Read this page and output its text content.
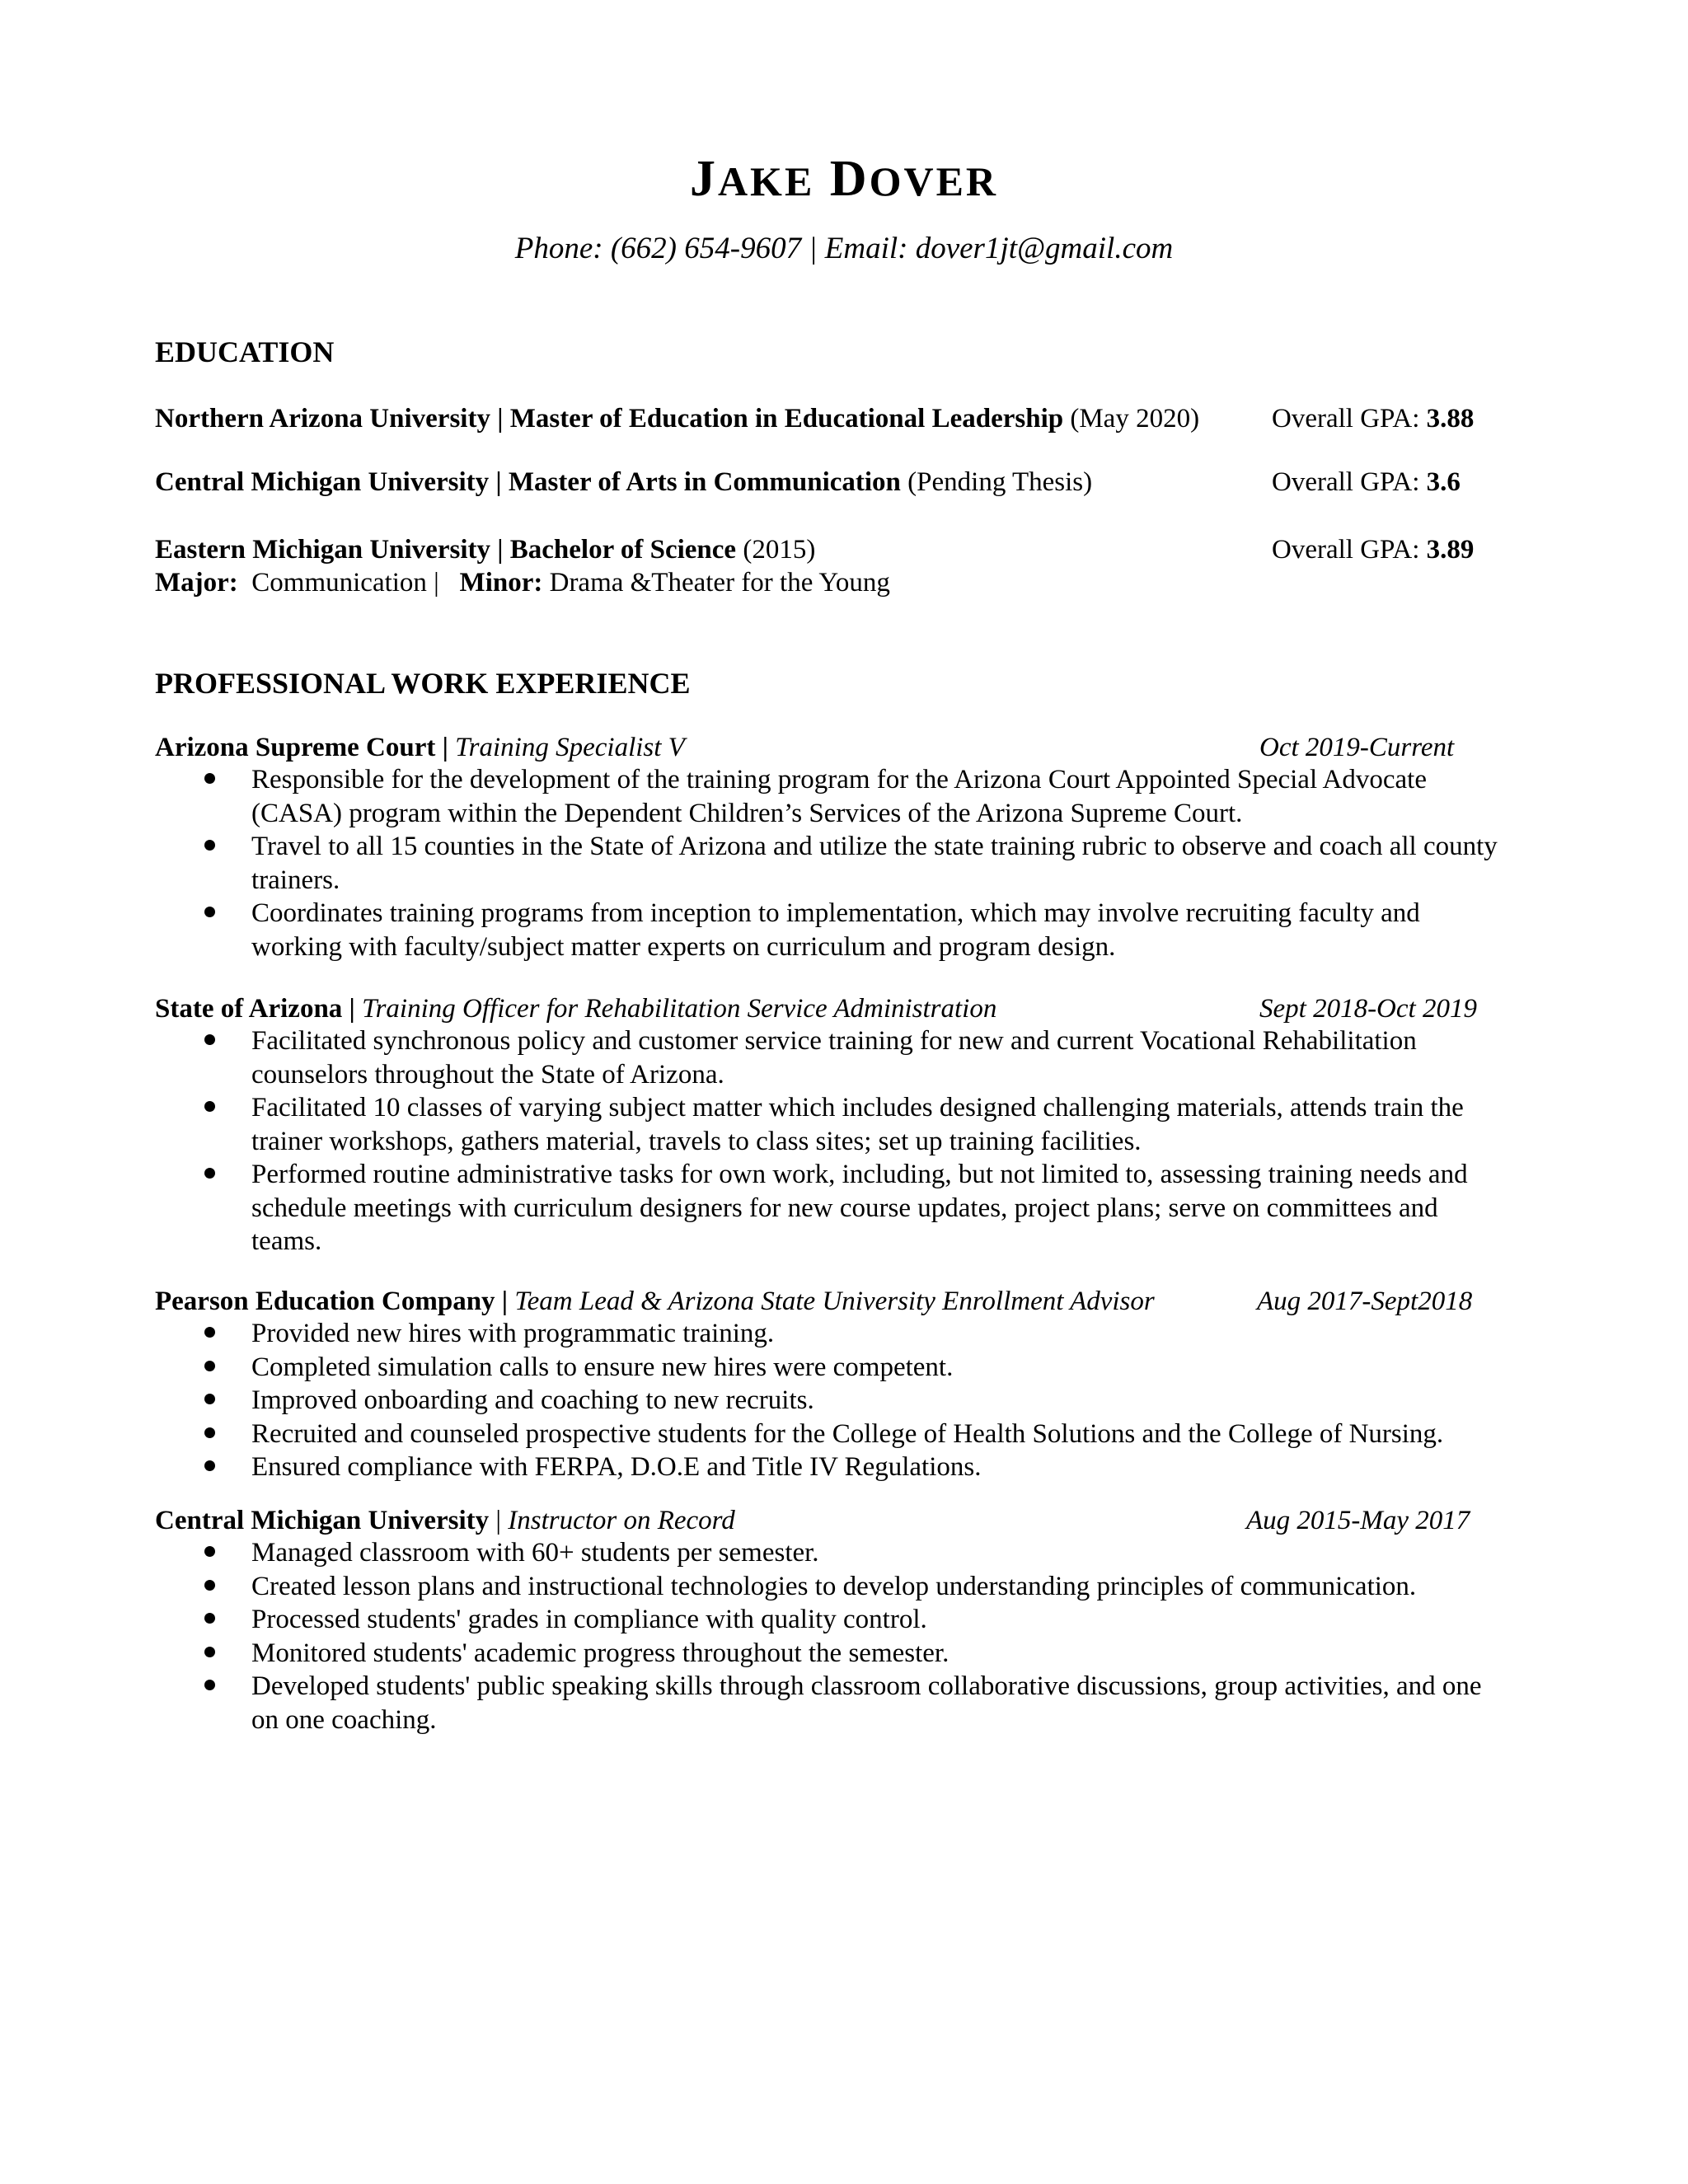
JAKE DOVER
Phone: (662) 654-9607 | Email: dover1jt@gmail.com
EDUCATION
Northern Arizona University | Master of Education in Educational Leadership (May 2020)	Overall GPA: 3.88
Central Michigan University | Master of Arts in Communication (Pending Thesis)	Overall GPA: 3.6
Eastern Michigan University | Bachelor of Science (2015)	Overall GPA: 3.89
Major: Communication | Minor: Drama &Theater for the Young
PROFESSIONAL WORK EXPERIENCE
Arizona Supreme Court | Training Specialist V	Oct 2019-Current
Responsible for the development of the training program for the Arizona Court Appointed Special Advocate
(CASA) program within the Dependent Children’s Services of the Arizona Supreme Court.
Travel to all 15 counties in the State of Arizona and utilize the state training rubric to observe and coach all county
trainers.
Coordinates training programs from inception to implementation, which may involve recruiting faculty and
working with faculty/subject matter experts on curriculum and program design.
State of Arizona | Training Officer for Rehabilitation Service Administration	Sept 2018-Oct 2019
Facilitated synchronous policy and customer service training for new and current Vocational Rehabilitation
counselors throughout the State of Arizona.
Facilitated 10 classes of varying subject matter which includes designed challenging materials, attends train the
trainer workshops, gathers material, travels to class sites; set up training facilities.
Performed routine administrative tasks for own work, including, but not limited to, assessing training needs and
schedule meetings with curriculum designers for new course updates, project plans; serve on committees and
teams.
Pearson Education Company | Team Lead & Arizona State University Enrollment Advisor	Aug 2017-Sept2018
Provided new hires with programmatic training.
Completed simulation calls to ensure new hires were competent.
Improved onboarding and coaching to new recruits.
Recruited and counseled prospective students for the College of Health Solutions and the College of Nursing.
Ensured compliance with FERPA, D.O.E and Title IV Regulations.
Central Michigan University | Instructor on Record	Aug 2015-May 2017
Managed classroom with 60+ students per semester.
Created lesson plans and instructional technologies to develop understanding principles of communication.
Processed students' grades in compliance with quality control.
Monitored students' academic progress throughout the semester.
Developed students' public speaking skills through classroom collaborative discussions, group activities, and one
on one coaching.
